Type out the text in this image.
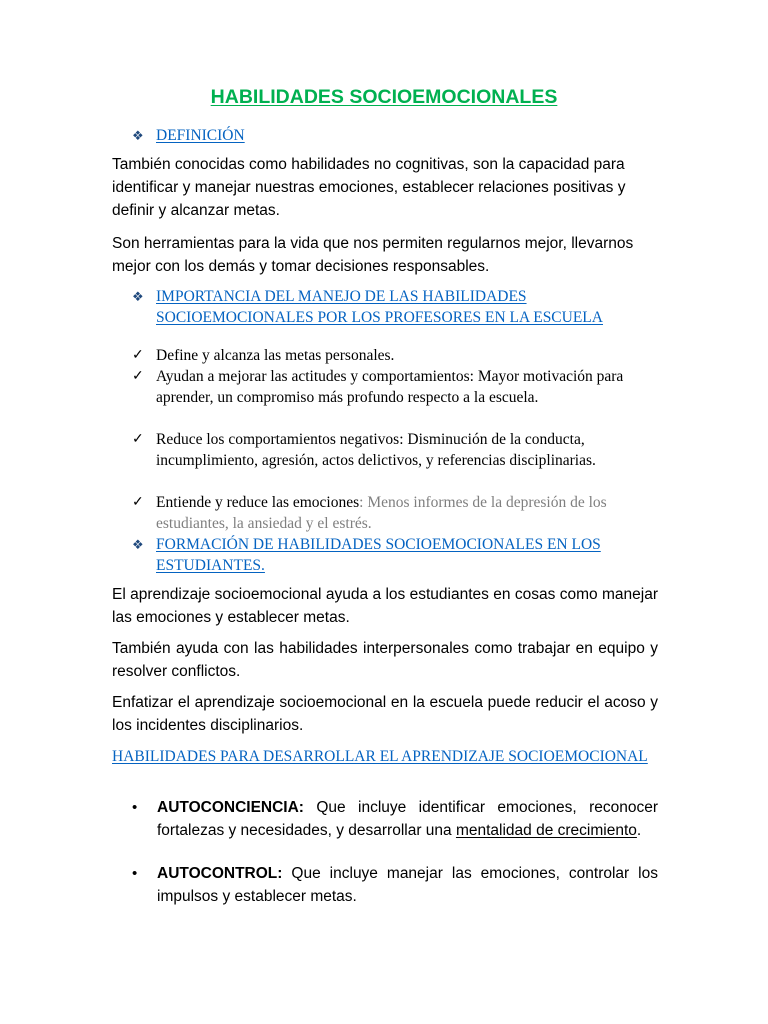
HABILIDADES SOCIOEMOCIONALES
❖ DEFINICIÓN

También conocidas como habilidades no cognitivas, son la capacidad para identificar y manejar nuestras emociones, establecer relaciones positivas y definir y alcanzar metas.

Son herramientas para la vida que nos permiten regularnos mejor, llevarnos mejor con los demás y tomar decisiones responsables.

❖ IMPORTANCIA DEL MANEJO DE LAS HABILIDADES SOCIOEMOCIONALES POR LOS PROFESORES EN LA ESCUELA
✓ Define y alcanza las metas personales.
✓ Ayudan a mejorar las actitudes y comportamientos: Mayor motivación para aprender, un compromiso más profundo respecto a la escuela.
✓ Reduce los comportamientos negativos: Disminución de la conducta, incumplimiento, agresión, actos delictivos, y referencias disciplinarias.
✓ Entiende y reduce las emociones: Menos informes de la depresión de los estudiantes, la ansiedad y el estrés.
❖ FORMACIÓN DE HABILIDADES SOCIOEMOCIONALES EN LOS ESTUDIANTES.

El aprendizaje socioemocional ayuda a los estudiantes en cosas como manejar las emociones y establecer metas.

También ayuda con las habilidades interpersonales como trabajar en equipo y resolver conflictos.

Enfatizar el aprendizaje socioemocional en la escuela puede reducir el acoso y los incidentes disciplinarios.

HABILIDADES PARA DESARROLLAR EL APRENDIZAJE SOCIOEMOCIONAL
• AUTOCONCIENCIA: Que incluye identificar emociones, reconocer fortalezas y necesidades, y desarrollar una mentalidad de crecimiento.
• AUTOCONTROL: Que incluye manejar las emociones, controlar los impulsos y establecer metas.
